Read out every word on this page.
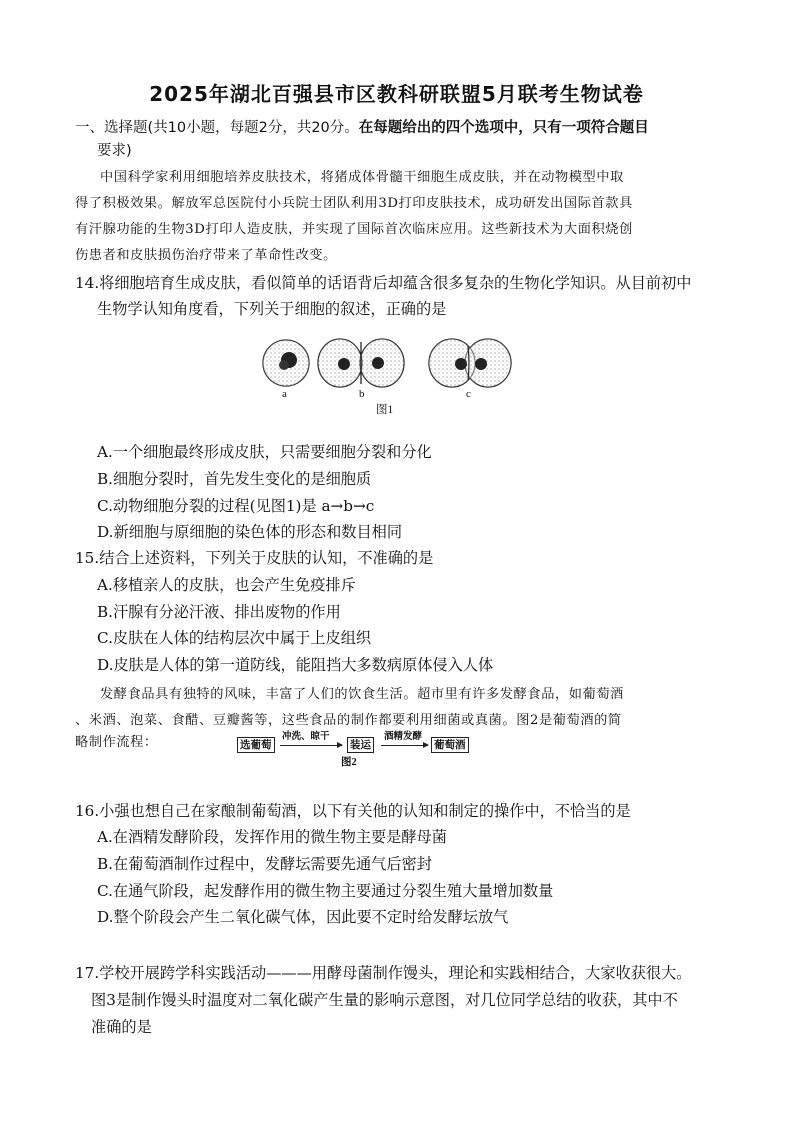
2025年湖北百强县市区教科研联盟5月联考生物试卷
一、选择题(共10小题，每题2分，共20分。在每题给出的四个选项中，只有一项符合题目
要求)
中国科学家利用细胞培养皮肤技术，将猪成体骨髓干细胞生成皮肤，并在动物模型中取
得了积极效果。解放军总医院付小兵院士团队利用3D打印皮肤技术，成功研发出国际首款具
有汗腺功能的生物3D打印人造皮肤，并实现了国际首次临床应用。这些新技术为大面积烧创
伤患者和皮肤损伤治疗带来了革命性改变。
14.将细胞培育生成皮肤，看似简单的话语背后却蕴含很多复杂的生物化学知识。从目前初中
生物学认知角度看，下列关于细胞的叙述，正确的是
a	b	c
图1
A.一个细胞最终形成皮肤，只需要细胞分裂和分化
B.细胞分裂时，首先发生变化的是细胞质
C.动物细胞分裂的过程(见图1)是 a→b→c
D.新细胞与原细胞的染色体的形态和数目相同
15.结合上述资料，下列关于皮肤的认知，不准确的是
A.移植亲人的皮肤，也会产生免疫排斥
B.汗腺有分泌汗液、排出废物的作用
C.皮肤在人体的结构层次中属于上皮组织
D.皮肤是人体的第一道防线，能阻挡大多数病原体侵入人体
发酵食品具有独特的风味，丰富了人们的饮食生活。超市里有许多发酵食品，如葡萄酒
、米酒、泡菜、食醋、豆瓣酱等，这些食品的制作都要利用细菌或真菌。图2是葡萄酒的简
略制作流程：	选葡萄
冲洗、晾干
装运
酒精发酵
葡萄酒
图2
16.小强也想自己在家酿制葡萄酒，以下有关他的认知和制定的操作中，不恰当的是
A.在酒精发酵阶段，发挥作用的微生物主要是酵母菌
B.在葡萄酒制作过程中，发酵坛需要先通气后密封
C.在通气阶段，起发酵作用的微生物主要通过分裂生殖大量增加数量
D.整个阶段会产生二氧化碳气体，因此要不定时给发酵坛放气
17.学校开展跨学科实践活动———用酵母菌制作馒头，理论和实践相结合，大家收获很大。
图3是制作馒头时温度对二氧化碳产生量的影响示意图，对几位同学总结的收获，其中不
准确的是
